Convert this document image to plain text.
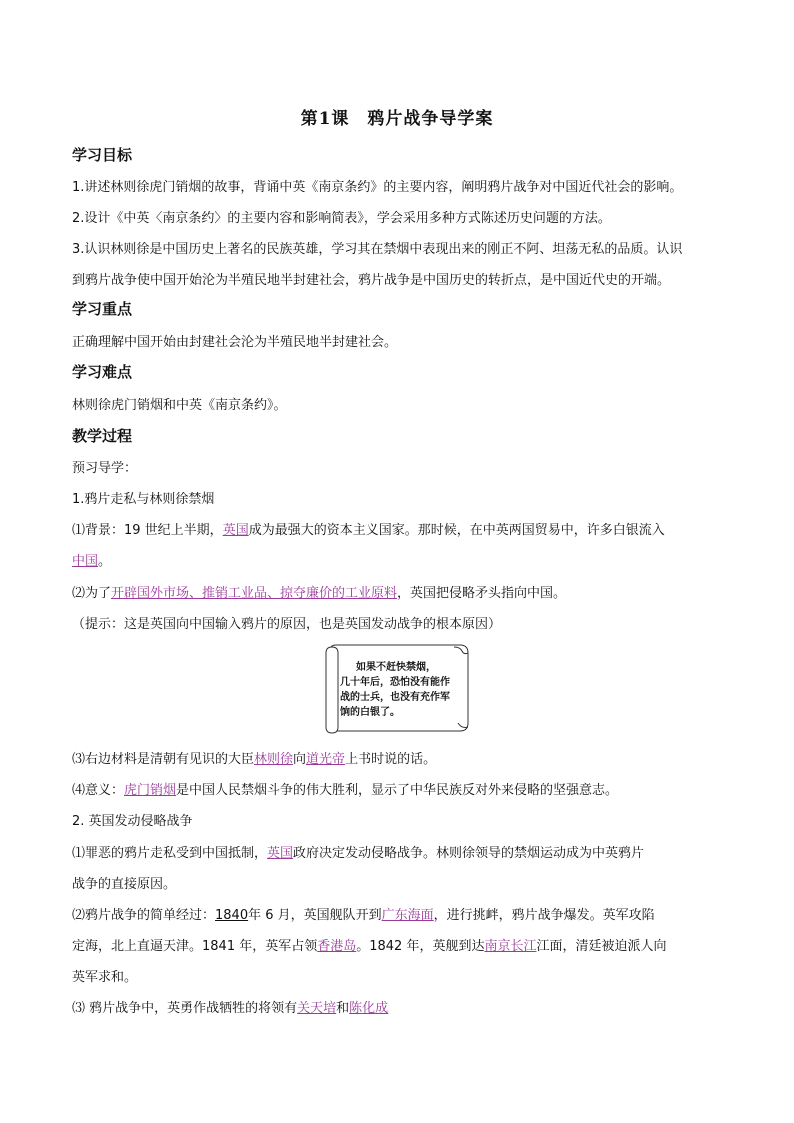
第1课 鸦片战争导学案
学习目标
1.讲述林则徐虎门销烟的故事，背诵中英《南京条约》的主要内容，阐明鸦片战争对中国近代社会的影响。
2.设计《中英〈南京条约〉的主要内容和影响简表》，学会采用多种方式陈述历史问题的方法。
3.认识林则徐是中国历史上著名的民族英雄，学习其在禁烟中表现出来的刚正不阿、坦荡无私的品质。认识
到鸦片战争使中国开始沦为半殖民地半封建社会，鸦片战争是中国历史的转折点，是中国近代史的开端。
学习重点
正确理解中国开始由封建社会沦为半殖民地半封建社会。
学习难点
林则徐虎门销烟和中英《南京条约》。
教学过程
预习导学：
1.鸦片走私与林则徐禁烟
⑴背景：19 世纪上半期，英国成为最强大的资本主义国家。那时候，在中英两国贸易中，许多白银流入
中国。
⑵为了开辟国外市场、推销工业品、掠夺廉价的工业原料，英国把侵略矛头指向中国。
（提示：这是英国向中国输入鸦片的原因，也是英国发动战争的根本原因）
如果不赶快禁烟，
几十年后，恐怕没有能作
战的士兵，也没有充作军
饷的白银了。
⑶右边材料是清朝有见识的大臣林则徐向道光帝上书时说的话。
⑷意义：虎门销烟是中国人民禁烟斗争的伟大胜利，显示了中华民族反对外来侵略的坚强意志。
2. 英国发动侵略战争
⑴罪恶的鸦片走私受到中国抵制，英国政府决定发动侵略战争。林则徐领导的禁烟运动成为中英鸦片
战争的直接原因。
⑵鸦片战争的简单经过：1840年 6 月，英国舰队开到广东海面，进行挑衅，鸦片战争爆发。英军攻陷
定海，北上直逼天津。1841 年，英军占领香港岛。1842 年，英舰到达南京长江江面，清廷被迫派人向
英军求和。
⑶ 鸦片战争中，英勇作战牺牲的将领有关天培和陈化成
